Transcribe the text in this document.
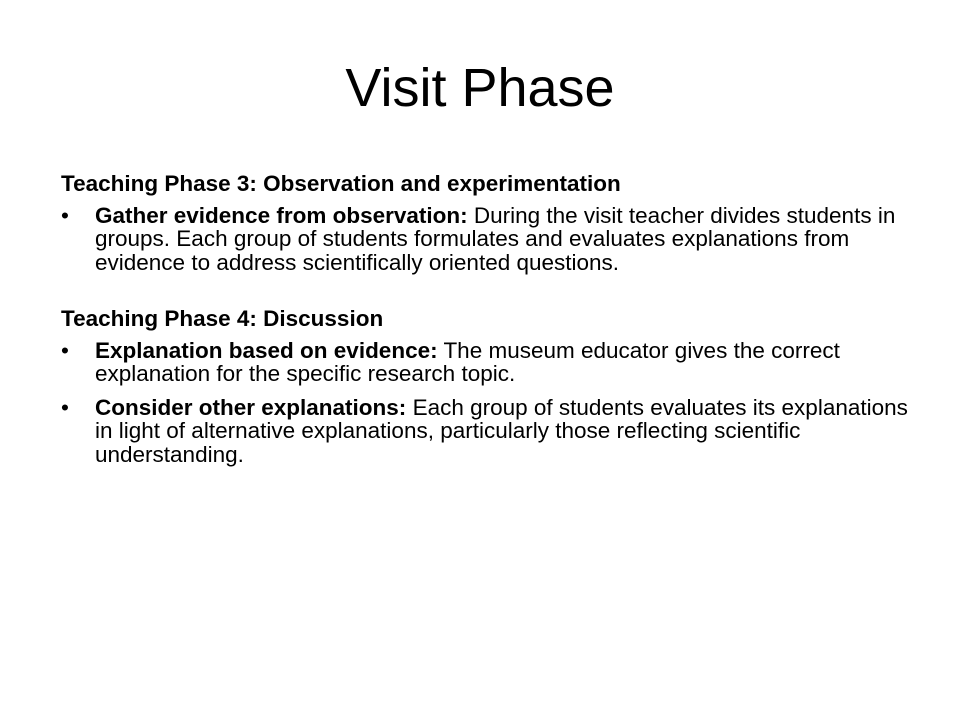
Visit Phase

Teaching Phase 3: Observation and experimentation

•	Gather evidence from observation: During the visit teacher divides students in groups. Each group of students formulates and evaluates explanations from evidence to address scientifically oriented questions.

Teaching Phase 4: Discussion

•	Explanation based on evidence: The museum educator gives the correct explanation for the specific research topic.
•	Consider other explanations: Each group of students evaluates its explanations in light of alternative explanations, particularly those reflecting scientific understanding.
